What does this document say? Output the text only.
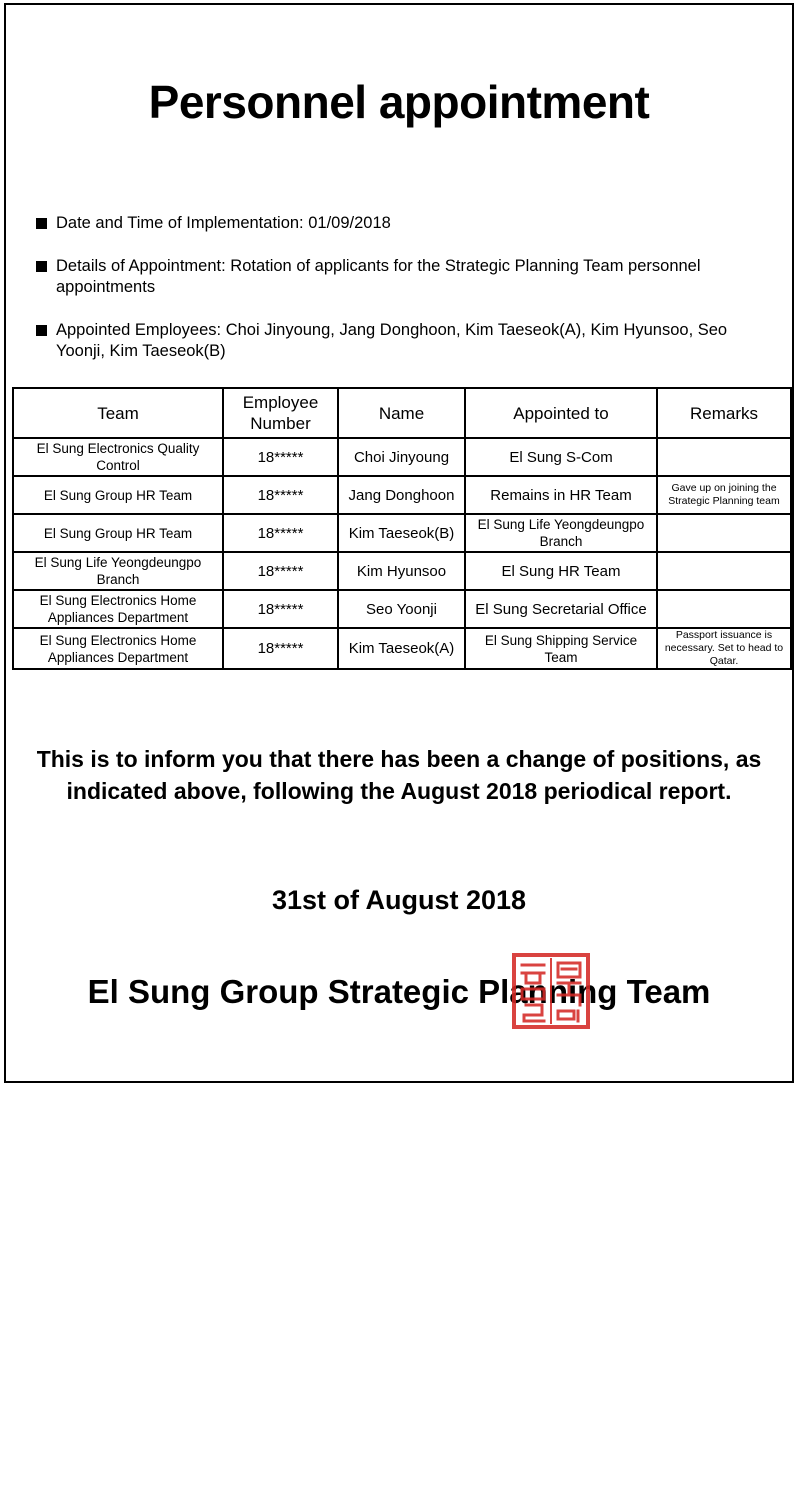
Personnel appointment
Date and Time of Implementation: 01/09/2018
Details of Appointment: Rotation of applicants for the Strategic Planning Team personnel appointments
Appointed Employees: Choi Jinyoung, Jang Donghoon, Kim Taeseok(A), Kim Hyunsoo, Seo Yoonji, Kim Taeseok(B)
Team	Employee Number	Name	Appointed to	Remarks
El Sung Electronics Quality Control	18*****	Choi Jinyoung	El Sung S-Com	
El Sung Group HR Team	18*****	Jang Donghoon	Remains in HR Team	Gave up on joining the Strategic Planning team
El Sung Group HR Team	18*****	Kim Taeseok(B)	El Sung Life Yeongdeungpo Branch	
El Sung Life Yeongdeungpo Branch	18*****	Kim Hyunsoo	El Sung HR Team	
El Sung Electronics Home Appliances Department	18*****	Seo Yoonji	El Sung Secretarial Office	
El Sung Electronics Home Appliances Department	18*****	Kim Taeseok(A)	El Sung Shipping Service Team	Passport issuance is necessary. Set to head to Qatar.
This is to inform you that there has been a change of positions, as indicated above, following the August 2018 periodical report.
31st of August 2018
El Sung Group Strategic Planning Team
